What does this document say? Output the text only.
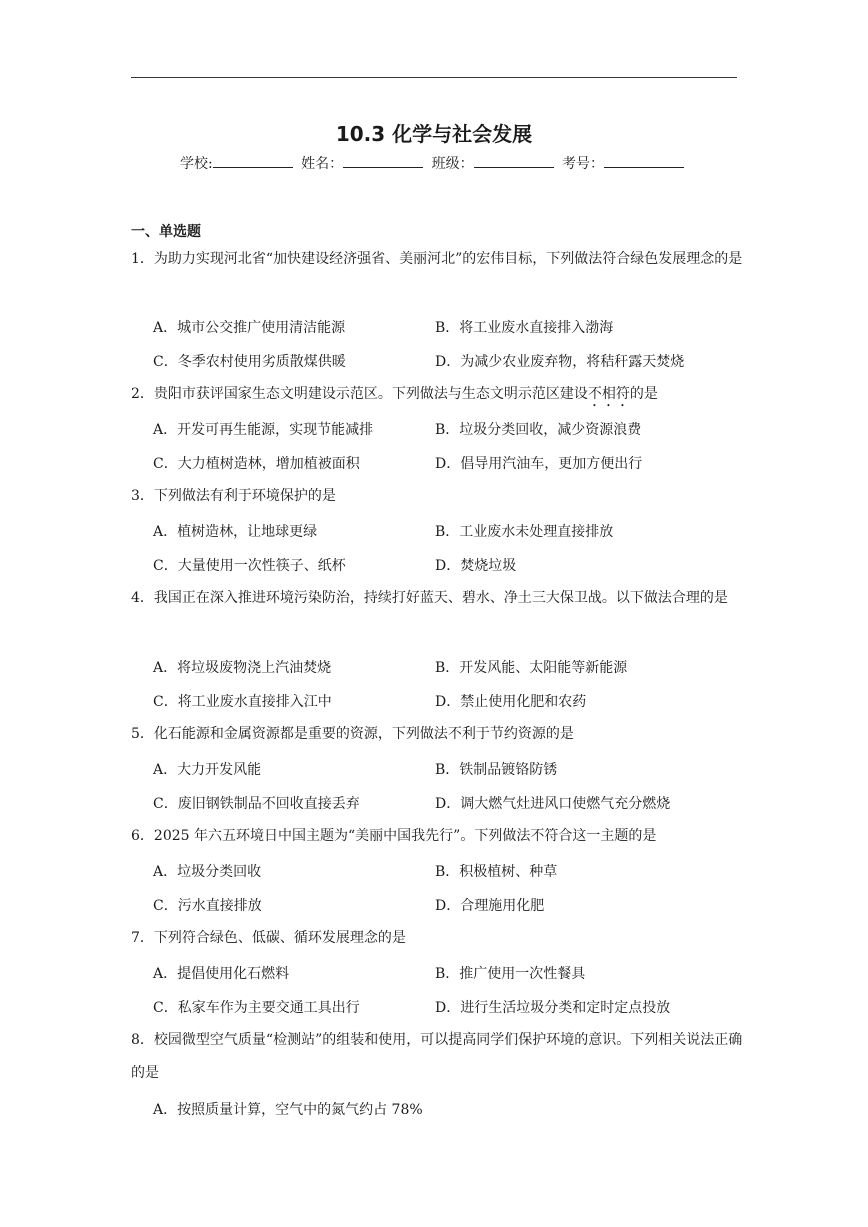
10.3 化学与社会发展
学校:	姓名：	班级：	考号：
一、单选题
1．为助力实现河北省“加快建设经济强省、美丽河北”的宏伟目标，下列做法符合绿色发展理念的是
A．城市公交推广使用清洁能源	B．将工业废水直接排入渤海
C．冬季农村使用劣质散煤供暖	D．为减少农业废弃物，将秸秆露天焚烧
2．贵阳市获评国家生态文明建设示范区。下列做法与生态文明示范区建设不相符的是
A．开发可再生能源，实现节能减排	B．垃圾分类回收，减少资源浪费
C．大力植树造林，增加植被面积	D．倡导用汽油车，更加方便出行
3．下列做法有利于环境保护的是
A．植树造林，让地球更绿	B．工业废水未处理直接排放
C．大量使用一次性筷子、纸杯	D．焚烧垃圾
4．我国正在深入推进环境污染防治，持续打好蓝天、碧水、净土三大保卫战。以下做法合理的是
A．将垃圾废物浇上汽油焚烧	B．开发风能、太阳能等新能源
C．将工业废水直接排入江中	D．禁止使用化肥和农药
5．化石能源和金属资源都是重要的资源，下列做法不利于节约资源的是
A．大力开发风能	B．铁制品镀铬防锈
C．废旧钢铁制品不回收直接丢弃	D．调大燃气灶进风口使燃气充分燃烧
6．2025 年六五环境日中国主题为“美丽中国我先行”。下列做法不符合这一主题的是
A．垃圾分类回收	B．积极植树、种草
C．污水直接排放	D．合理施用化肥
7．下列符合绿色、低碳、循环发展理念的是
A．提倡使用化石燃料	B．推广使用一次性餐具
C．私家车作为主要交通工具出行	D．进行生活垃圾分类和定时定点投放
8．校园微型空气质量“检测站”的组装和使用，可以提高同学们保护环境的意识。下列相关说法正确的是
A．按照质量计算，空气中的氮气约占 78%
